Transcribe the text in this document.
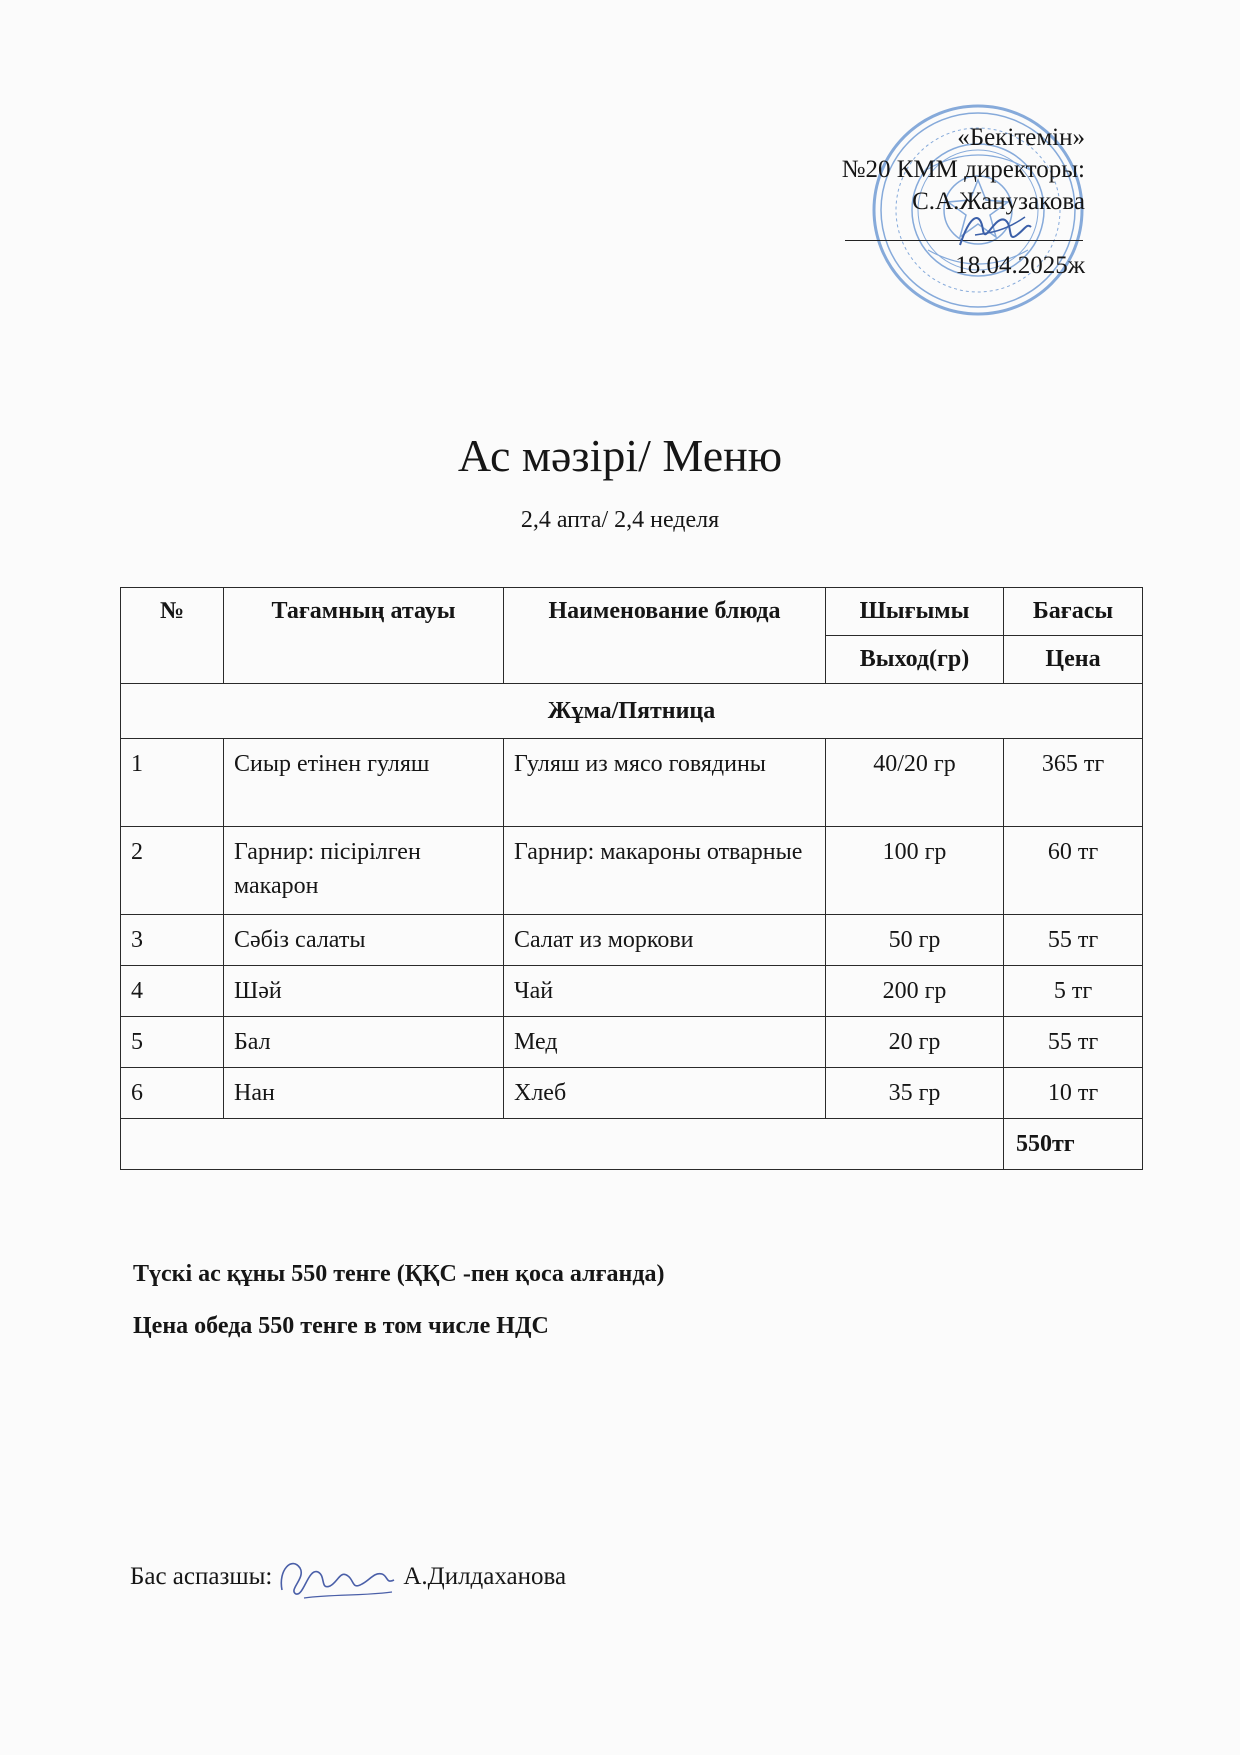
«Бекітемін»
№20 КММ директоры:
С.А.Жанузакова
18.04.2025ж
Ас мәзірі/ Меню
2,4 апта/ 2,4 неделя
№	Тағамның атауы	Наименование блюда	Шығымы	Бағасы
			Выход(гр)	Цена
Жұма/Пятница				
1	Сиыр етінен гуляш	Гуляш из мясо говядины	40/20 гр	365 тг
2	Гарнир: пісірілген макарон	Гарнир: макароны отварные	100 гр	60 тг
3	Сәбіз салаты	Салат из моркови	50 гр	55 тг
4	Шәй	Чай	200 гр	5 тг
5	Бал	Мед	20 гр	55 тг
6	Нан	Хлеб	35 гр	10 тг
				550тг
Түскі ас құны 550 тенге (ҚҚС -пен қоса алғанда)
Цена обеда 550 тенге в том числе НДС
Бас аспазшы:	А.Дилдаханова
